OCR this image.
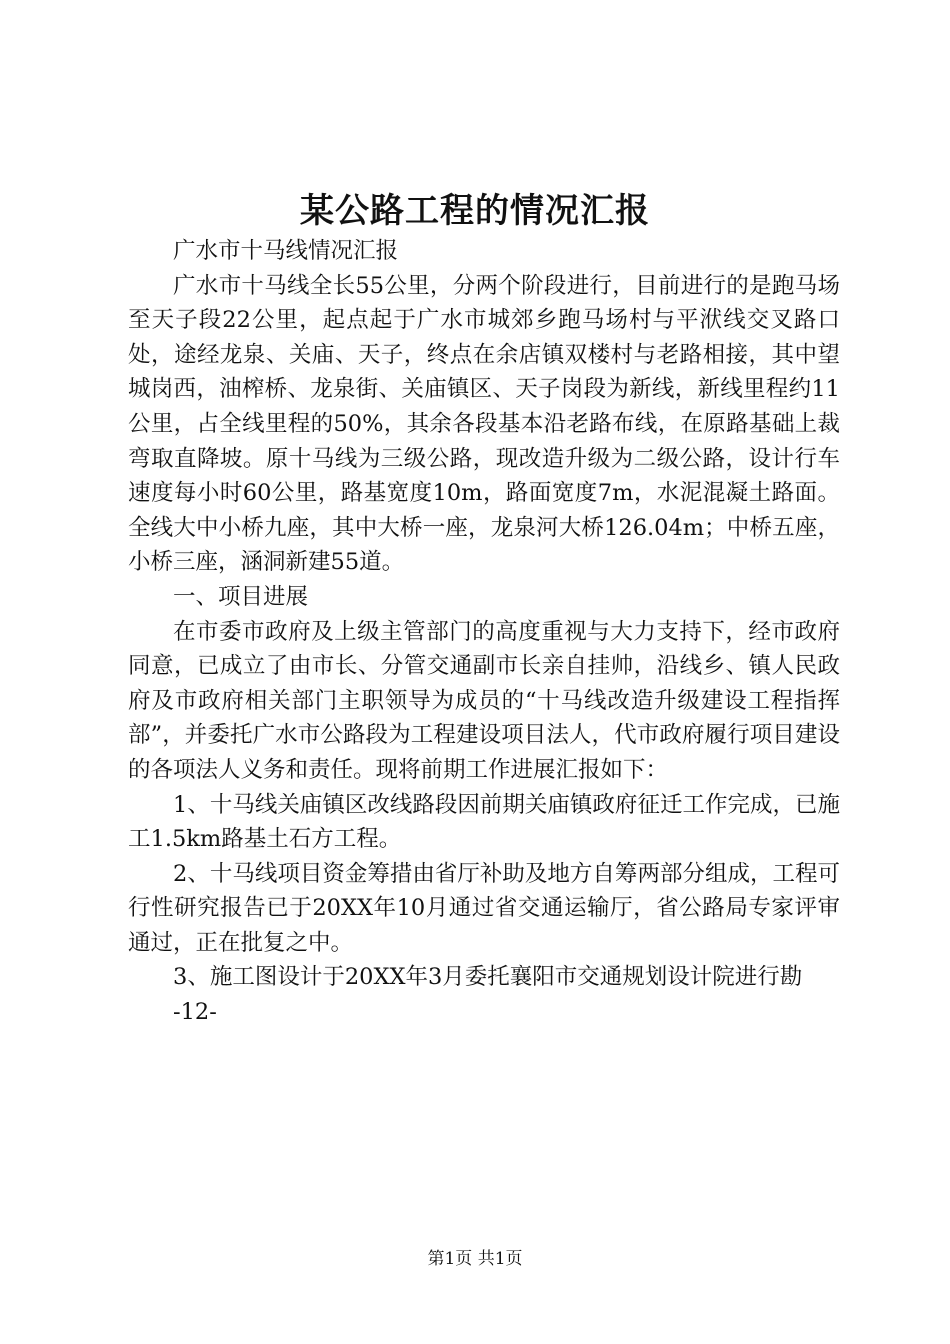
某公路工程的情况汇报

广水市十马线情况汇报

广水市十马线全长55公里，分两个阶段进行，目前进行的是跑马场至天子段22公里，起点起于广水市城郊乡跑马场村与平洑线交叉路口处，途经龙泉、关庙、天子，终点在余店镇双楼村与老路相接，其中望城岗西，油榨桥、龙泉街、关庙镇区、天子岗段为新线，新线里程约11公里，占全线里程的50%，其余各段基本沿老路布线，在原路基础上裁弯取直降坡。原十马线为三级公路，现改造升级为二级公路，设计行车速度每小时60公里，路基宽度10m，路面宽度7m，水泥混凝土路面。全线大中小桥九座，其中大桥一座，龙泉河大桥126.04m；中桥五座，小桥三座，涵洞新建55道。

一、项目进展

在市委市政府及上级主管部门的高度重视与大力支持下，经市政府同意，已成立了由市长、分管交通副市长亲自挂帅，沿线乡、镇人民政府及市政府相关部门主职领导为成员的“十马线改造升级建设工程指挥部”，并委托广水市公路段为工程建设项目法人，代市政府履行项目建设的各项法人义务和责任。现将前期工作进展汇报如下：

1、十马线关庙镇区改线路段因前期关庙镇政府征迁工作完成，已施工1.5km路基土石方工程。

2、十马线项目资金筹措由省厅补助及地方自筹两部分组成，工程可行性研究报告已于20XX年10月通过省交通运输厅，省公路局专家评审通过，正在批复之中。

3、施工图设计于20XX年3月委托襄阳市交通规划设计院进行勘

-12-

第1页 共1页
